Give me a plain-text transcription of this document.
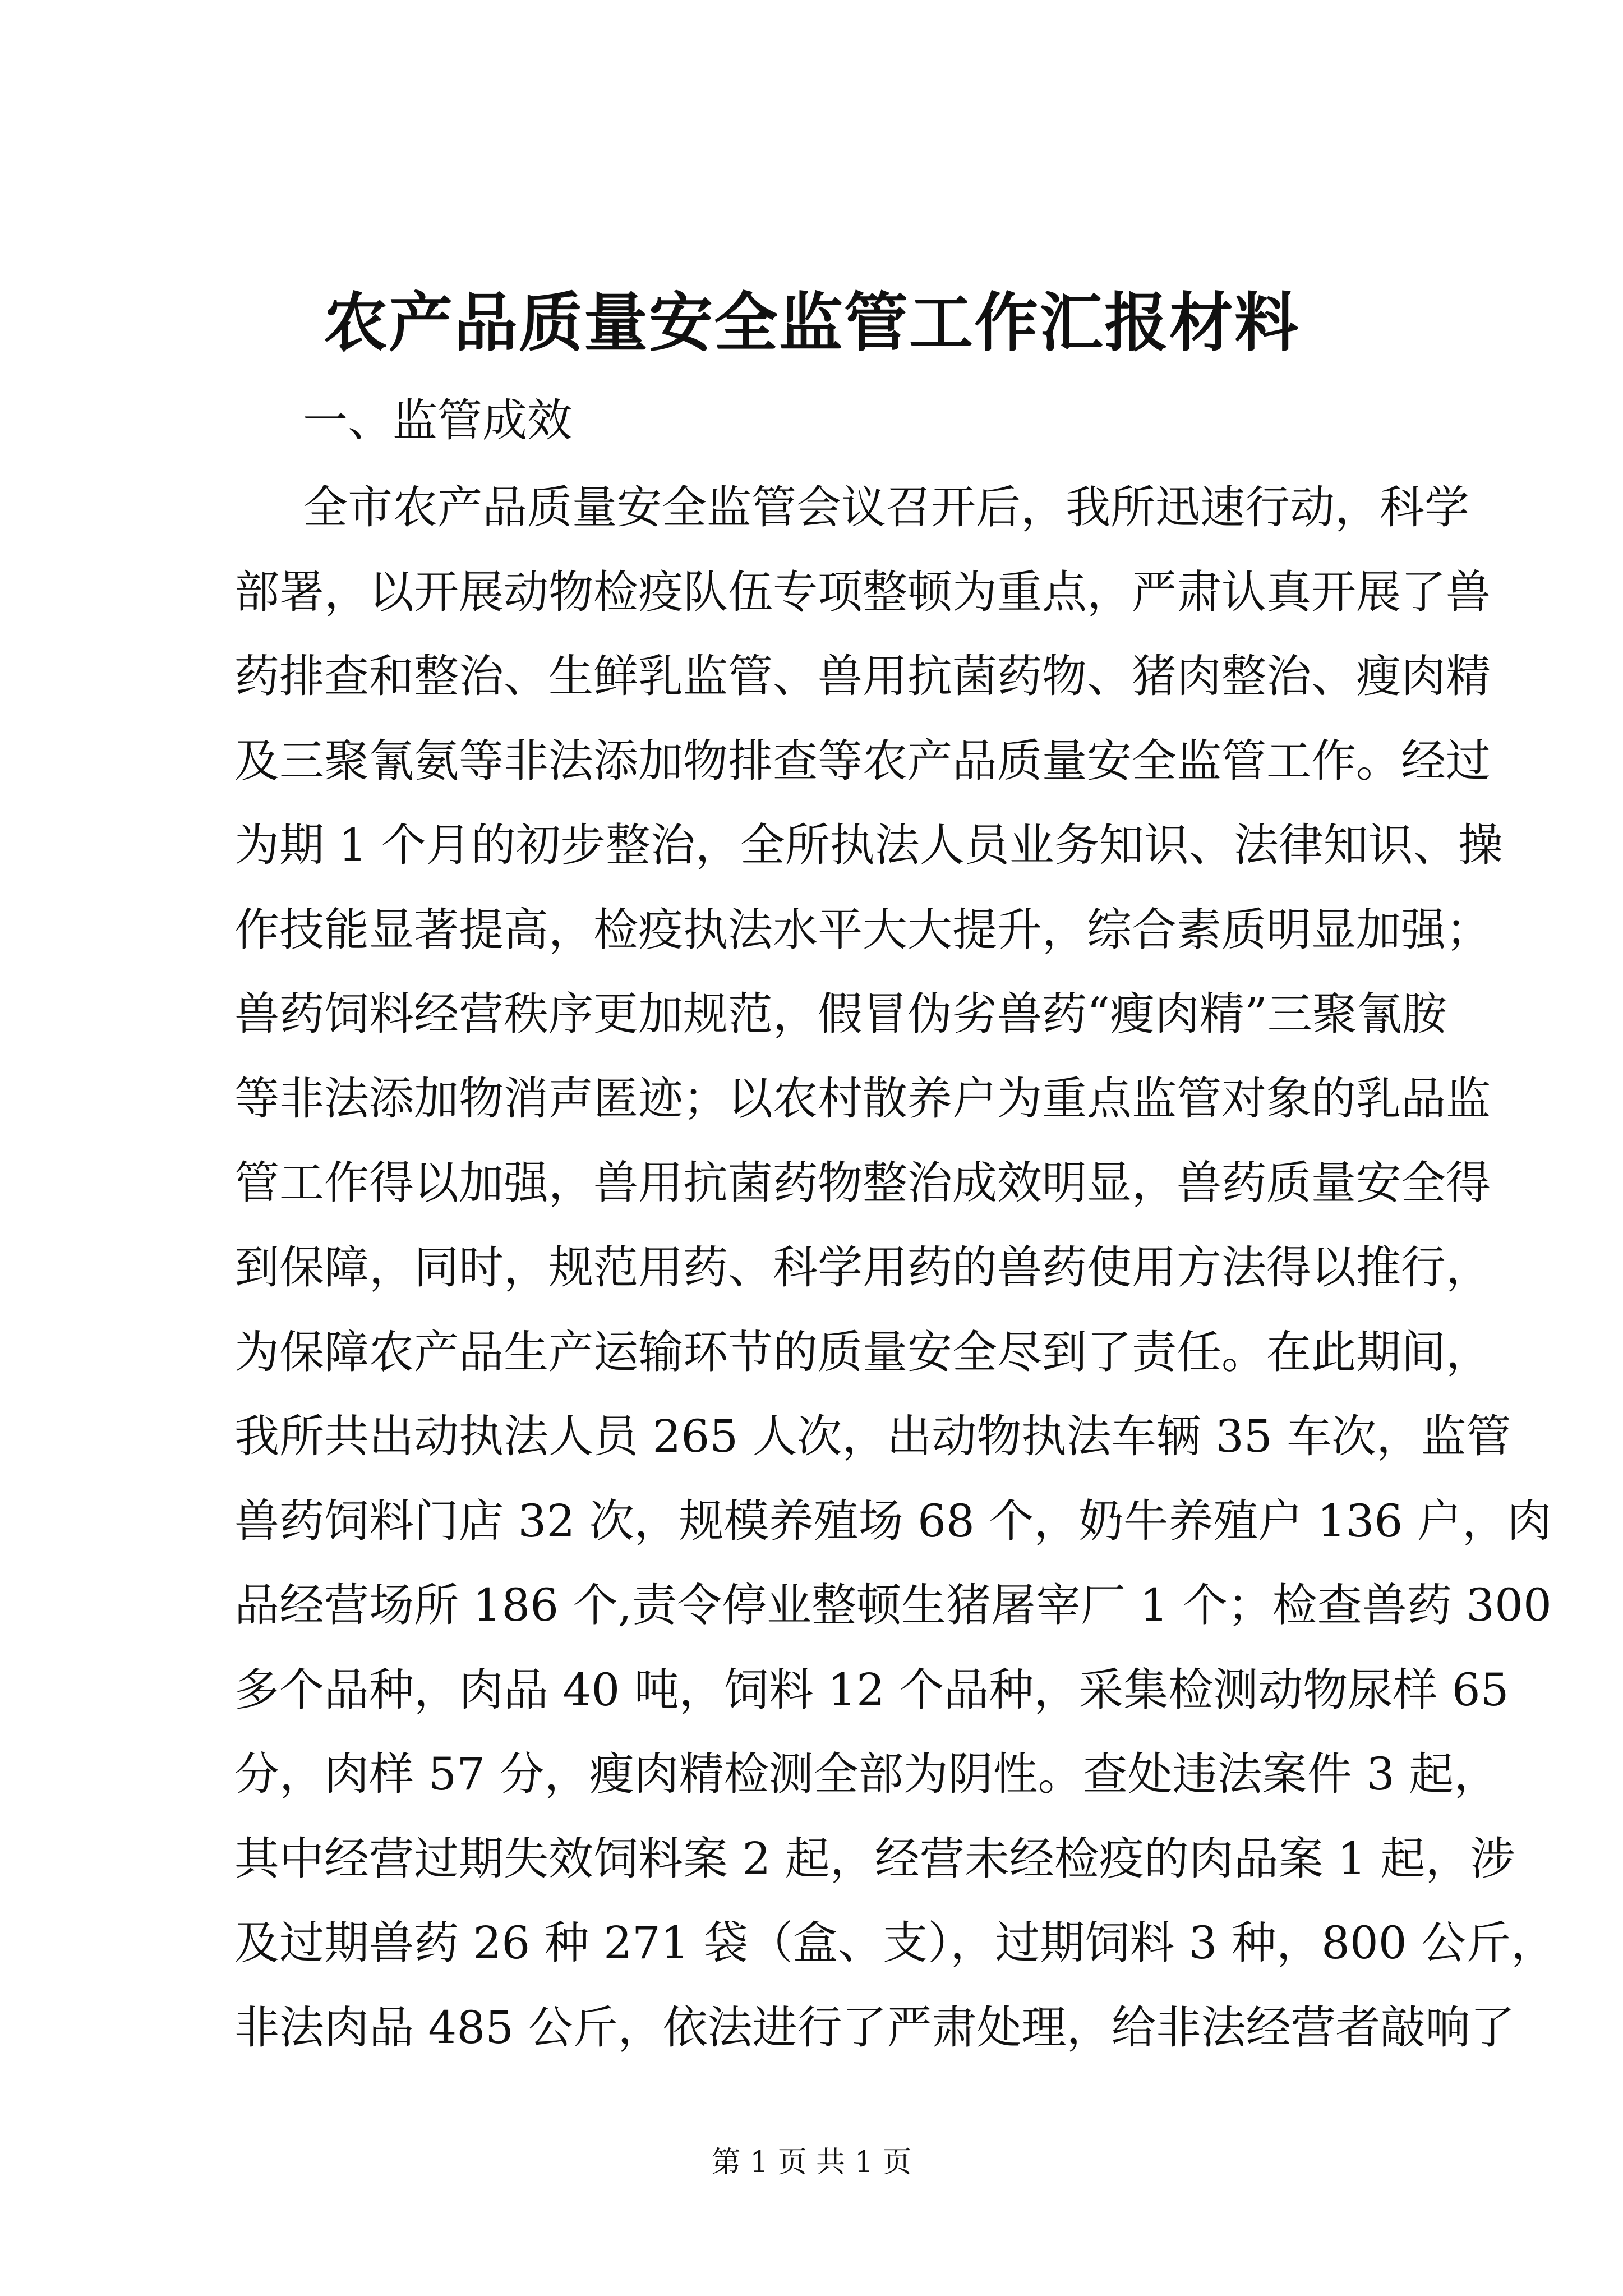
农产品质量安全监管工作汇报材料

一、监管成效

全市农产品质量安全监管会议召开后，我所迅速行动，科学

部署，以开展动物检疫队伍专项整顿为重点，严肃认真开展了兽

药排查和整治、生鲜乳监管、兽用抗菌药物、猪肉整治、瘦肉精

及三聚氰氨等非法添加物排查等农产品质量安全监管工作。经过

为期 1 个月的初步整治，全所执法人员业务知识、法律知识、操

作技能显著提高，检疫执法水平大大提升，综合素质明显加强；

兽药饲料经营秩序更加规范，假冒伪劣兽药“瘦肉精”三聚氰胺

等非法添加物消声匿迹；以农村散养户为重点监管对象的乳品监

管工作得以加强，兽用抗菌药物整治成效明显，兽药质量安全得

到保障，同时，规范用药、科学用药的兽药使用方法得以推行，

为保障农产品生产运输环节的质量安全尽到了责任。在此期间，

我所共出动执法人员 265 人次，出动物执法车辆 35 车次，监管

兽药饲料门店 32 次，规模养殖场 68 个，奶牛养殖户 136 户，肉

品经营场所 186 个,责令停业整顿生猪屠宰厂 1 个；检查兽药 300

多个品种，肉品 40 吨，饲料 12 个品种，采集检测动物尿样 65

分，肉样 57 分，瘦肉精检测全部为阴性。查处违法案件 3 起，

其中经营过期失效饲料案 2 起，经营未经检疫的肉品案 1 起，涉

及过期兽药 26 种 271 袋（盒、支），过期饲料 3 种，800 公斤，

非法肉品 485 公斤，依法进行了严肃处理，给非法经营者敲响了

第 1 页 共 1 页
